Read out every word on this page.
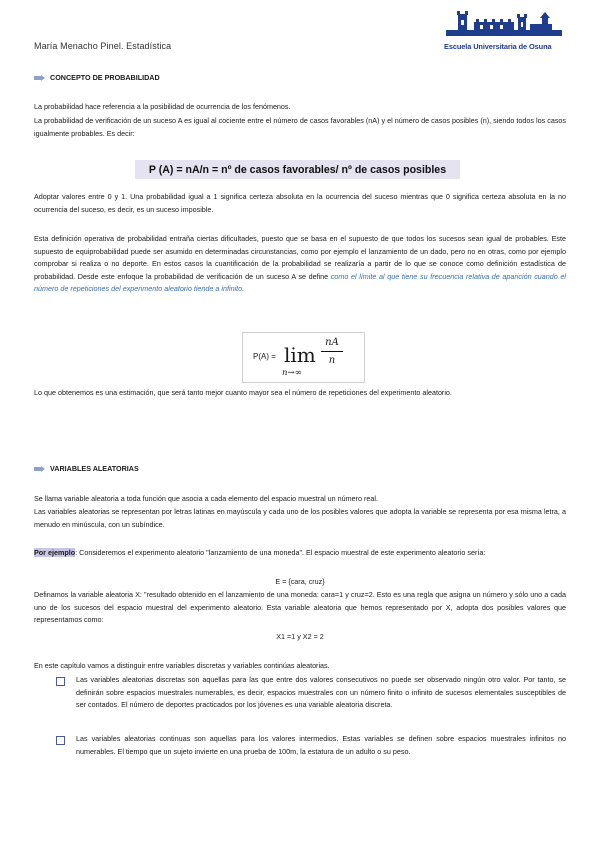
María Menacho Pinel. Estadística	Escuela Universitaria de Osuna
CONCEPTO DE PROBABILIDAD
La probabilidad hace referencia a la posibilidad de ocurrencia de los fenómenos.
La probabilidad de verificación de un suceso A es igual al cociente entre el número de casos favorables (nA) y el número de casos posibles (n), siendo todos los casos igualmente probables. Es decir:
P (A) = nA/n = nº de casos favorables/ nº de casos posibles
Adoptar valores entre 0 y 1. Una probabilidad igual a 1 significa certeza absoluta en la ocurrencia del suceso mientras que 0 significa certeza absoluta en la no ocurrencia del suceso, es decir, es un suceso imposible.
Esta definición operativa de probabilidad entraña ciertas dificultades, puesto que se basa en el supuesto de que todos los sucesos sean igual de probables. Este supuesto de equiprobabilidad puede ser asumido en determinadas circunstancias, como por ejemplo el lanzamiento de un dado, pero no en otras, como por ejemplo comprobar si realiza o no deporte. En estos casos la cuantificación de la probabilidad se realizaría a partir de lo que se conoce como definición estadística de probabilidad. Desde este enfoque la probabilidad de verificación de un suceso A se define como el límite al que tiene su frecuencia relativa de aparición cuando el número de repeticiones del experimento aleatorio tiende a infinito.
P(A) = lim
n→∞
nA
n
Lo que obtenemos es una estimación, que será tanto mejor cuanto mayor sea el número de repeticiones del experimento aleatorio.
VARIABLES ALEATORIAS
Se llama variable aleatoria a toda función que asocia a cada elemento del espacio muestral un número real.
Las variables aleatorias se representan por letras latinas en mayúscula y cada uno de los posibles valores que adopta la variable se representa por esa misma letra, a menudo en minúscula, con un subíndice.
Por ejemplo: Consideremos el experimento aleatorio "lanzamiento de una moneda". El espacio muestral de este experimento aleatorio sería:
E = {cara, cruz}
Definamos la variable aleatoria X: "resultado obtenido en el lanzamiento de una moneda: cara=1 y cruz=2. Esto es una regla que asigna un número y sólo uno a cada uno de los sucesos del espacio muestral del experimento aleatorio. Esta variable aleatoria que hemos representado por X, adopta dos posibles valores que representamos como:
X1 =1 y X2 = 2
En este capítulo vamos a distinguir entre variables discretas y variables continúas aleatorias.
Las variables aleatorias discretas son aquellas para las que entre dos valores consecutivos no puede ser observado ningún otro valor. Por tanto, se definirán sobre espacios muestrales numerables, es decir, espacios muestrales con un número finito o infinito de sucesos elementales susceptibles de ser contados. El número de deportes practicados por los jóvenes es una variable aleatoria discreta.
Las variables aleatorias continuas son aquellas para los valores intermedios. Estas variables se definen sobre espacios muestrales infinitos no numerables. El tiempo que un sujeto invierte en una prueba de 100m, la estatura de un adulto o su peso.
